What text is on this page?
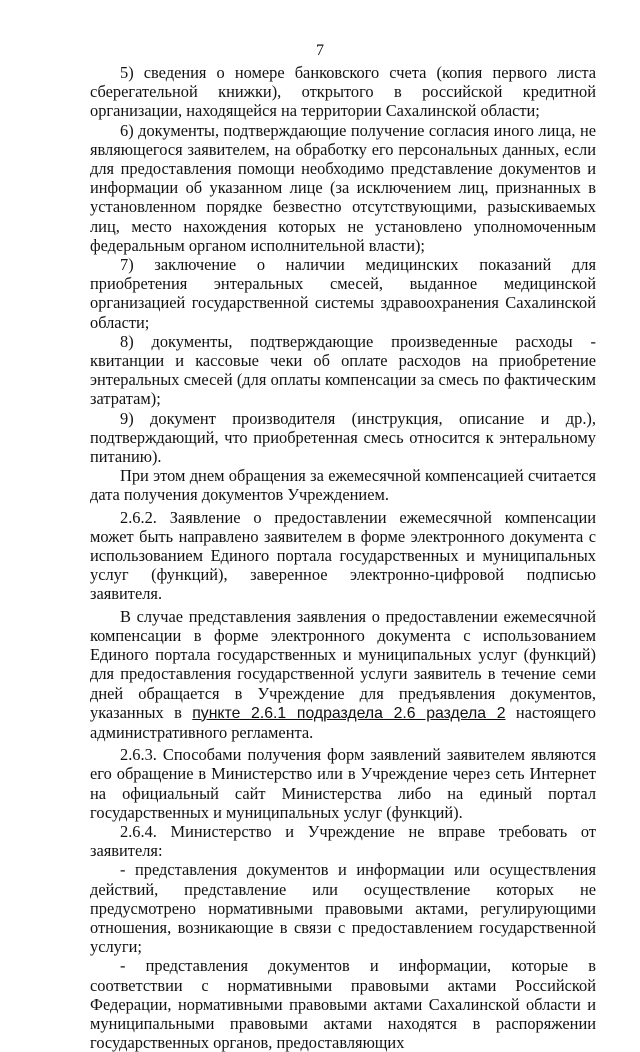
7

5) сведения о номере банковского счета (копия первого листа сберегательной книжки), открытого в российской кредитной организации, находящейся на территории Сахалинской области;

6) документы, подтверждающие получение согласия иного лица, не являющегося заявителем, на обработку его персональных данных, если для предоставления помощи необходимо представление документов и информации об указанном лице (за исключением лиц, признанных в установленном порядке безвестно отсутствующими, разыскиваемых лиц, место нахождения которых не установлено уполномоченным федеральным органом исполнительной власти);

7) заключение о наличии медицинских показаний для приобретения энтеральных смесей, выданное медицинской организацией государственной системы здравоохранения Сахалинской области;

8) документы, подтверждающие произведенные расходы - квитанции и кассовые чеки об оплате расходов на приобретение энтеральных смесей (для оплаты компенсации за смесь по фактическим затратам);

9) документ производителя (инструкция, описание и др.), подтверждающий, что приобретенная смесь относится к энтеральному питанию).

При этом днем обращения за ежемесячной компенсацией считается дата получения документов Учреждением.

2.6.2. Заявление о предоставлении ежемесячной компенсации может быть направлено заявителем в форме электронного документа с использованием Единого портала государственных и муниципальных услуг (функций), заверенное электронно-цифровой подписью заявителя.

В случае представления заявления о предоставлении ежемесячной компенсации в форме электронного документа с использованием Единого портала государственных и муниципальных услуг (функций) для предоставления государственной услуги заявитель в течение семи дней обращается в Учреждение для предъявления документов, указанных в пункте 2.6.1 подраздела 2.6 раздела 2 настоящего административного регламента.

2.6.3. Способами получения форм заявлений заявителем являются его обращение в Министерство или в Учреждение через сеть Интернет на официальный сайт Министерства либо на единый портал государственных и муниципальных услуг (функций).

2.6.4. Министерство и Учреждение не вправе требовать от заявителя:

- представления документов и информации или осуществления действий, представление или осуществление которых не предусмотрено нормативными правовыми актами, регулирующими отношения, возникающие в связи с предоставлением государственной услуги;

- представления документов и информации, которые в соответствии с нормативными правовыми актами Российской Федерации, нормативными правовыми актами Сахалинской области и муниципальными правовыми актами находятся в распоряжении государственных органов, предоставляющих
